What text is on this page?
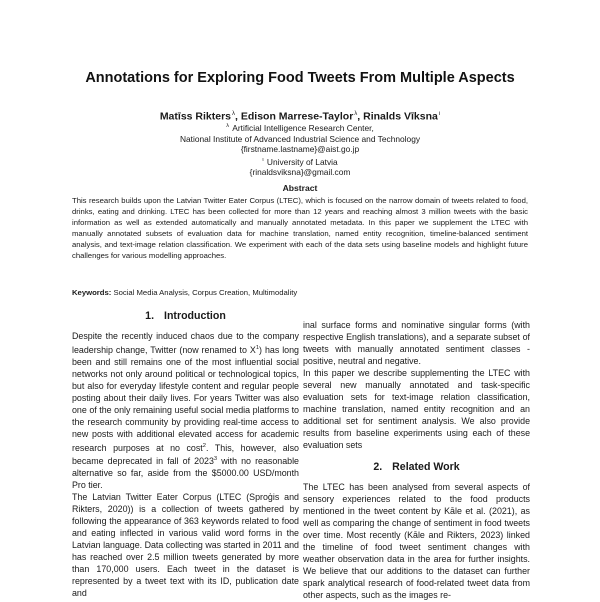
Annotations for Exploring Food Tweets From Multiple Aspects
Matīss Rikters$^\lambda$, Edison Marrese-Taylor$^\lambda$, Rinalds Vīksna$^\iota$
$^\lambda$ Artificial Intelligence Research Center,
National Institute of Advanced Industrial Science and Technology
{firstname.lastname}@aist.go.jp
$^\iota$ University of Latvia
{rinaldsviksna}@gmail.com
Abstract
This research builds upon the Latvian Twitter Eater Corpus (LTEC), which is focused on the narrow domain of tweets related to food, drinks, eating and drinking. LTEC has been collected for more than 12 years and reaching almost 3 million tweets with the basic information as well as extended automatically and manually annotated metadata. In this paper we supplement the LTEC with manually annotated subsets of evaluation data for machine translation, named entity recognition, timeline-balanced sentiment analysis, and text-image relation classification. We experiment with each of the data sets using baseline models and highlight future challenges for various modelling approaches.
Keywords: Social Media Analysis, Corpus Creation, Multimodality
1. Introduction

Despite the recently induced chaos due to the company leadership change, Twitter (now renamed to X$^1$) has long been and still remains one of the most influential social networks not only around political or technological topics, but also for everyday lifestyle content and regular people posting about their daily lives. For years Twitter was also one of the only remaining useful social media platforms to the research community by providing real-time access to new posts with additional elevated access for academic research purposes at no cost$^2$. This, however, also became deprecated in fall of 2023$^3$ with no reasonable alternative so far, aside from the $5000.00 USD/month Pro tier.

The Latvian Twitter Eater Corpus (LTEC (Sproģis and Rikters, 2020)) is a collection of tweets gathered by following the appearance of 363 keywords related to food and eating inflected in various valid word forms in the Latvian language. Data collecting was started in 2011 and has reached over 2.5 million tweets generated by more than 170,000 users. Each tweet in the dataset is represented by a tweet text with its ID, publication date and

inal surface forms and nominative singular forms (with respective English translations), and a separate subset of tweets with manually annotated sentiment classes - positive, neutral and negative.

In this paper we describe supplementing the LTEC with several new manually annotated and task-specific evaluation sets for text-image relation classification, machine translation, named entity recognition and an additional set for sentiment analysis. We also provide results from baseline experiments using each of these evaluation sets

2. Related Work

The LTEC has been analysed from several aspects of sensory experiences related to the food products mentioned in the tweet content by Kāle et al. (2021), as well as comparing the change of sentiment in food tweets over time. Most recently (Kāle and Rikters, 2023) linked the timeline of food tweet sentiment changes with weather observation data in the area for further insights. We believe that our additions to the dataset can further spark analytical research of food-related tweet data from other aspects, such as the images re-
